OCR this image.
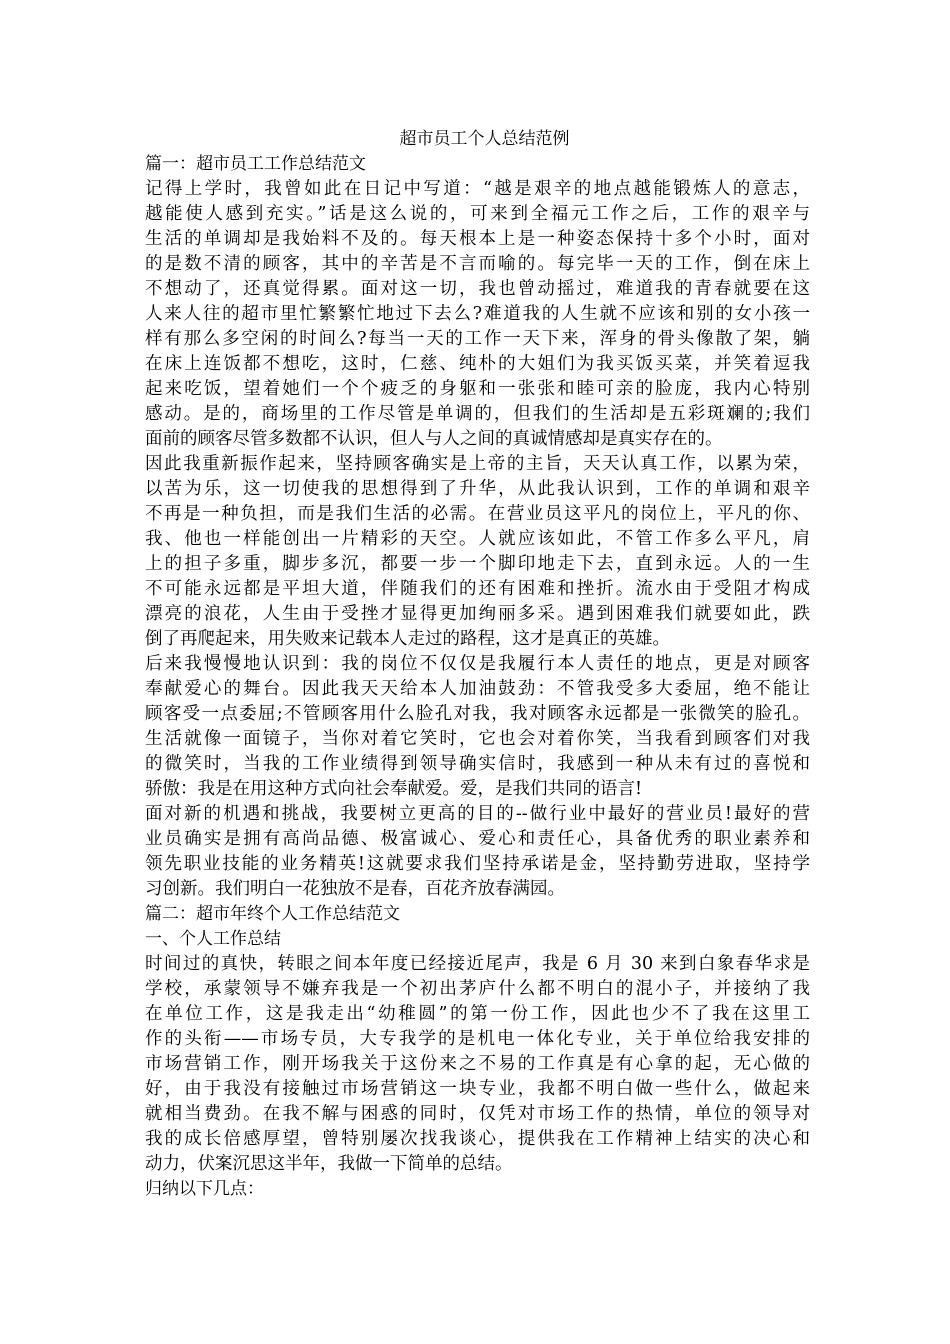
超市员工个人总结范例
篇一：超市员工工作总结范文
记得上学时，我曾如此在日记中写道：“越是艰辛的地点越能锻炼人的意志，
越能使人感到充实。”话是这么说的，可来到全福元工作之后，工作的艰辛与
生活的单调却是我始料不及的。每天根本上是一种姿态保持十多个小时，面对
的是数不清的顾客，其中的辛苦是不言而喻的。每完毕一天的工作，倒在床上
不想动了，还真觉得累。面对这一切，我也曾动摇过，难道我的青春就要在这
人来人往的超市里忙繁繁忙地过下去么?难道我的人生就不应该和别的女小孩一
样有那么多空闲的时间么?每当一天的工作一天下来，浑身的骨头像散了架，躺
在床上连饭都不想吃，这时，仁慈、纯朴的大姐们为我买饭买菜，并笑着逗我
起来吃饭，望着她们一个个疲乏的身躯和一张张和睦可亲的脸庞，我内心特别
感动。是的，商场里的工作尽管是单调的，但我们的生活却是五彩斑斓的;我们
面前的顾客尽管多数都不认识，但人与人之间的真诚情感却是真实存在的。
因此我重新振作起来，坚持顾客确实是上帝的主旨，天天认真工作，以累为荣，
以苦为乐，这一切使我的思想得到了升华，从此我认识到，工作的单调和艰辛
不再是一种负担，而是我们生活的必需。在营业员这平凡的岗位上，平凡的你、
我、他也一样能创出一片精彩的天空。人就应该如此，不管工作多么平凡，肩
上的担子多重，脚步多沉，都要一步一个脚印地走下去，直到永远。人的一生
不可能永远都是平坦大道，伴随我们的还有困难和挫折。流水由于受阻才构成
漂亮的浪花，人生由于受挫才显得更加绚丽多采。遇到困难我们就要如此，跌
倒了再爬起来，用失败来记载本人走过的路程，这才是真正的英雄。
后来我慢慢地认识到：我的岗位不仅仅是我履行本人责任的地点，更是对顾客
奉献爱心的舞台。因此我天天给本人加油鼓劲：不管我受多大委屈，绝不能让
顾客受一点委屈;不管顾客用什么脸孔对我，我对顾客永远都是一张微笑的脸孔。
生活就像一面镜子，当你对着它笑时，它也会对着你笑，当我看到顾客们对我
的微笑时，当我的工作业绩得到领导确实信时，我感到一种从未有过的喜悦和
骄傲：我是在用这种方式向社会奉献爱。爱，是我们共同的语言!
面对新的机遇和挑战，我要树立更高的目的--做行业中最好的营业员!最好的营
业员确实是拥有高尚品德、极富诚心、爱心和责任心，具备优秀的职业素养和
领先职业技能的业务精英!这就要求我们坚持承诺是金，坚持勤劳进取，坚持学
习创新。我们明白一花独放不是春，百花齐放春满园。
篇二：超市年终个人工作总结范文
一、个人工作总结
时间过的真快，转眼之间本年度已经接近尾声，我是 6 月 30 来到白象春华求是
学校，承蒙领导不嫌弃我是一个初出茅庐什么都不明白的混小子，并接纳了我
在单位工作，这是我走出“幼稚圆”的第一份工作，因此也少不了我在这里工
作的头衔——市场专员，大专我学的是机电一体化专业，关于单位给我安排的
市场营销工作，刚开场我关于这份来之不易的工作真是有心拿的起，无心做的
好，由于我没有接触过市场营销这一块专业，我都不明白做一些什么，做起来
就相当费劲。在我不解与困惑的同时，仅凭对市场工作的热情，单位的领导对
我的成长倍感厚望，曾特别屡次找我谈心，提供我在工作精神上结实的决心和
动力，伏案沉思这半年，我做一下简单的总结。
归纳以下几点：
